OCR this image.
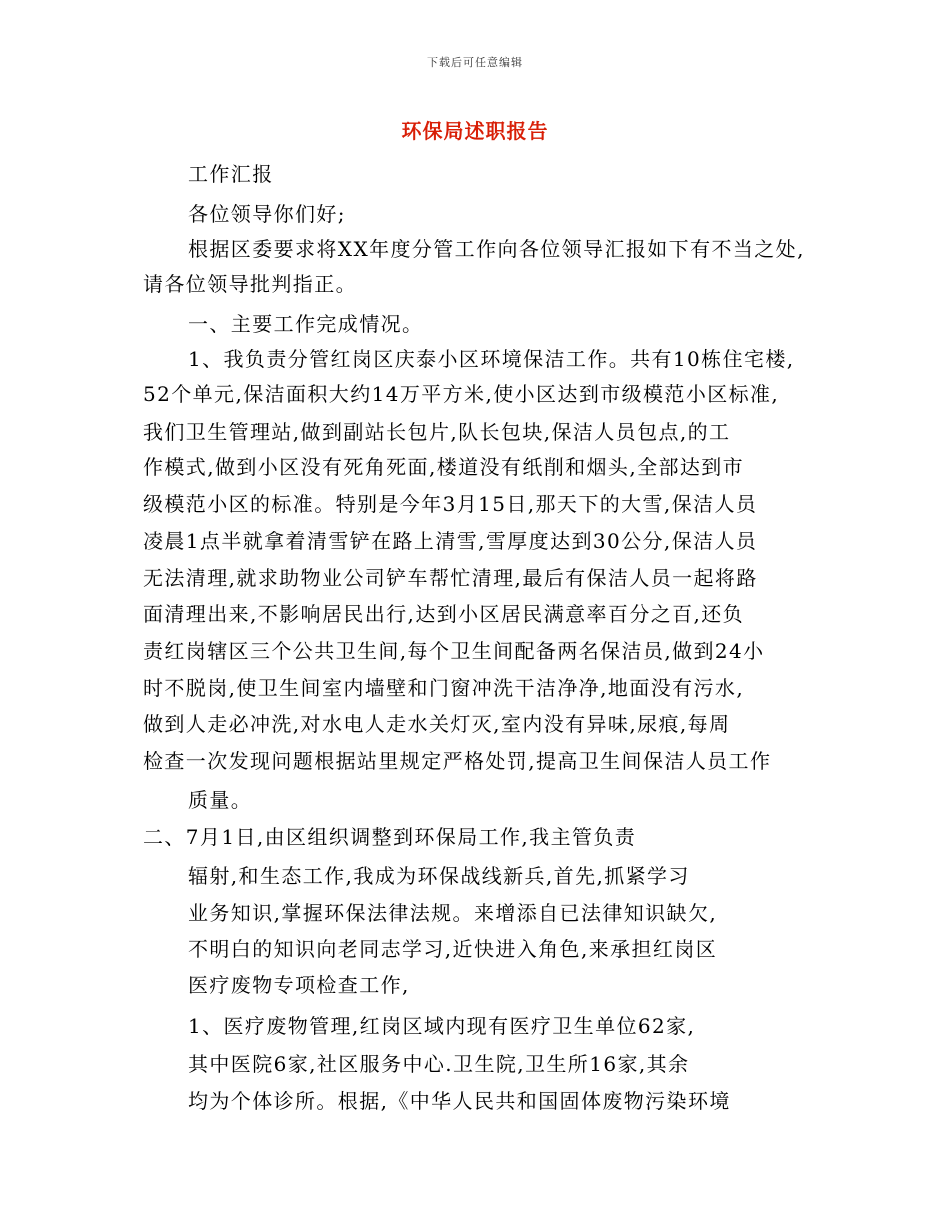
下载后可任意编辑
环保局述职报告
工作汇报
各位领导你们好;
根据区委要求将XX年度分管工作向各位领导汇报如下有不当之处,
请各位领导批判指正。
一、主要工作完成情况。
1、我负责分管红岗区庆泰小区环境保洁工作。共有10栋住宅楼,
52个单元,保洁面积大约14万平方米,使小区达到市级模范小区标准,
我们卫生管理站,做到副站长包片,队长包块,保洁人员包点,的工
作模式,做到小区没有死角死面,楼道没有纸削和烟头,全部达到市
级模范小区的标准。特别是今年3月15日,那天下的大雪,保洁人员
凌晨1点半就拿着清雪铲在路上清雪,雪厚度达到30公分,保洁人员
无法清理,就求助物业公司铲车帮忙清理,最后有保洁人员一起将路
面清理出来,不影响居民出行,达到小区居民满意率百分之百,还负
责红岗辖区三个公共卫生间,每个卫生间配备两名保洁员,做到24小
时不脱岗,使卫生间室内墙壁和门窗冲洗干洁净净,地面没有污水,
做到人走必冲洗,对水电人走水关灯灭,室内没有异味,尿痕,每周
检查一次发现问题根据站里规定严格处罚,提高卫生间保洁人员工作
质量。
二、7月1日,由区组织调整到环保局工作,我主管负责
辐射,和生态工作,我成为环保战线新兵,首先,抓紧学习
业务知识,掌握环保法律法规。来增添自已法律知识缺欠,
不明白的知识向老同志学习,近快进入角色,来承担红岗区
医疗废物专项检查工作,
1、医疗废物管理,红岗区域内现有医疗卫生单位62家,
其中医院6家,社区服务中心.卫生院,卫生所16家,其余
均为个体诊所。根据,《中华人民共和国固体废物污染环境
